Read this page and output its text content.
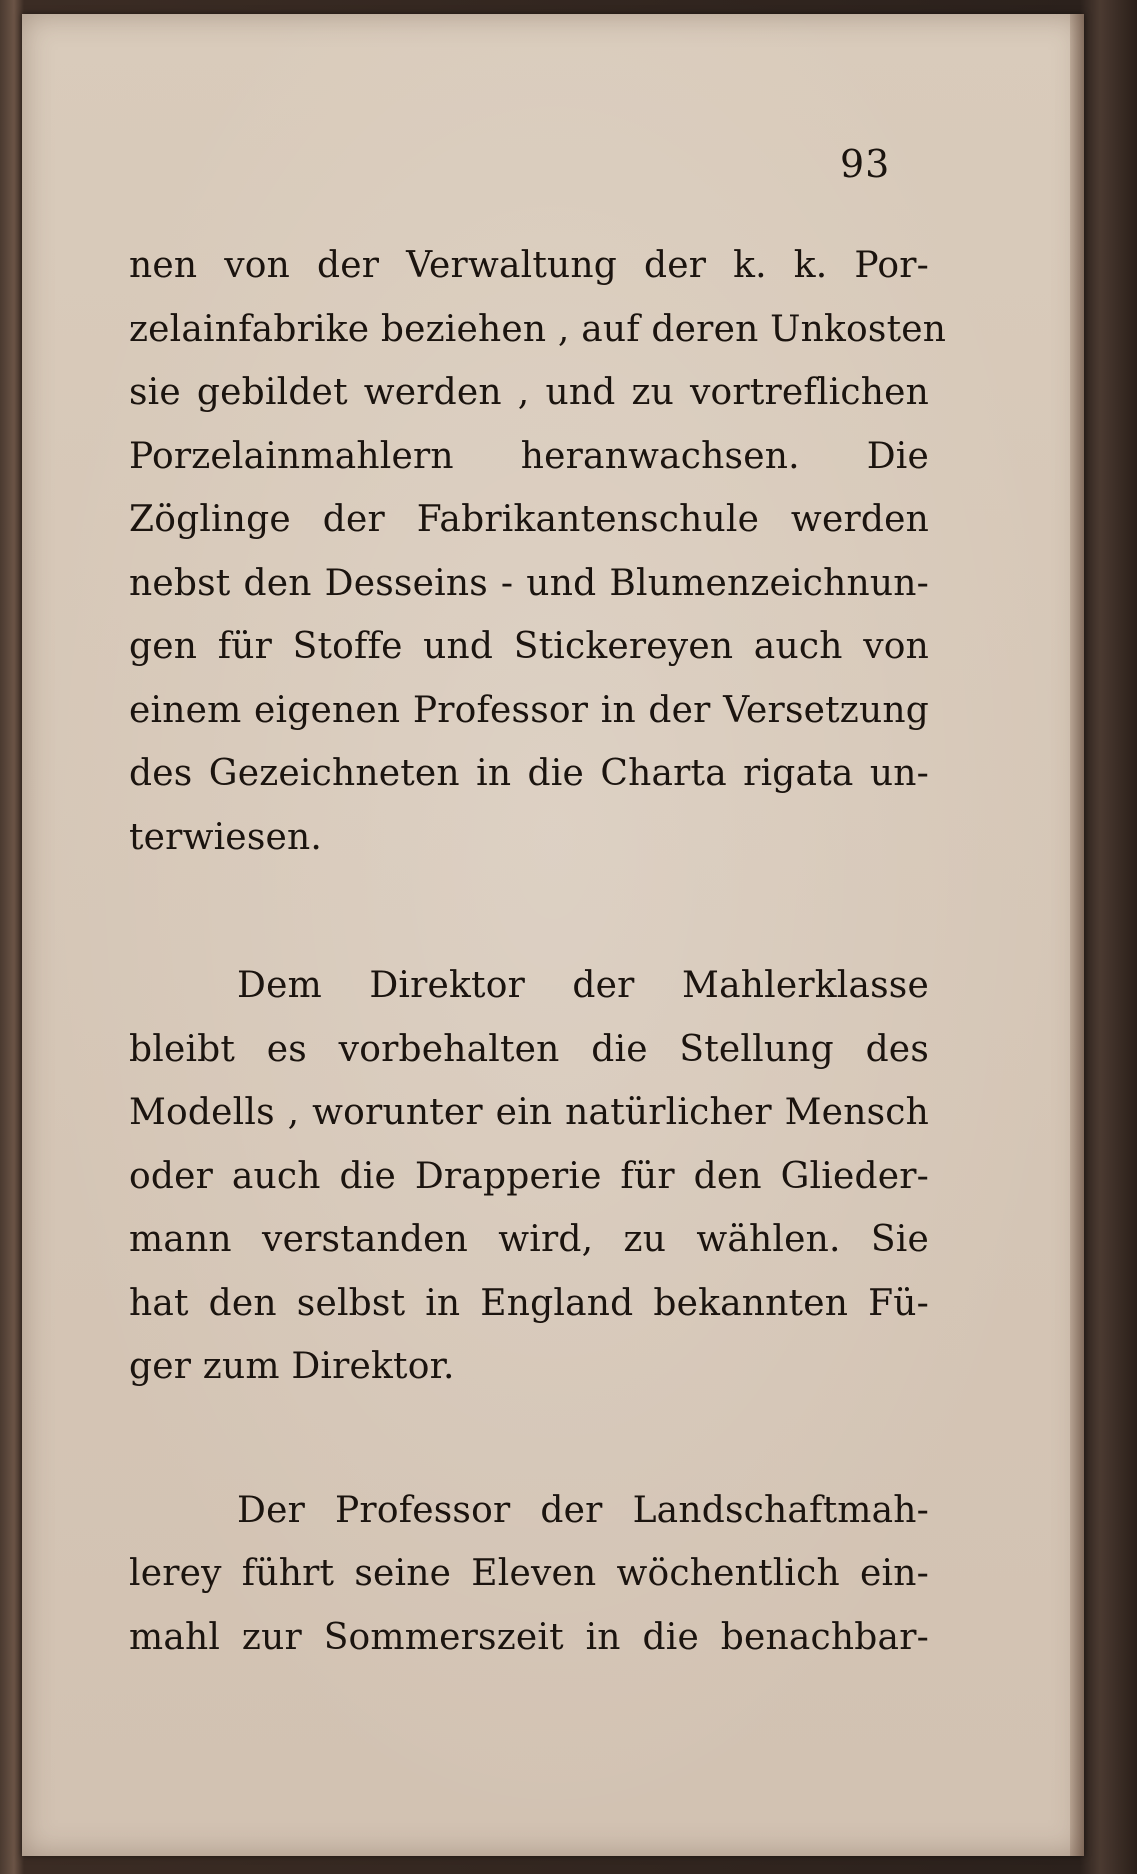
93
nen von der Verwaltung der k. k. Por-
zelainfabrike beziehen , auf deren Unkosten
sie gebildet werden , und zu vortreflichen
Porzelainmahlern heranwachsen. Die
Zöglinge der Fabrikantenschule werden
nebst den Desseins - und Blumenzeichnun-
gen für Stoffe und Stickereyen auch von
einem eigenen Professor in der Versetzung
des Gezeichneten in die Charta rigata un-
terwiesen.
Dem Direktor der Mahlerklasse
bleibt es vorbehalten die Stellung des
Modells , worunter ein natürlicher Mensch
oder auch die Drapperie für den Glieder-
mann verstanden wird, zu wählen. Sie
hat den selbst in England bekannten Fü-
ger zum Direktor.
Der Professor der Landschaftmah-
lerey führt seine Eleven wöchentlich ein-
mahl zur Sommerszeit in die benachbar-
